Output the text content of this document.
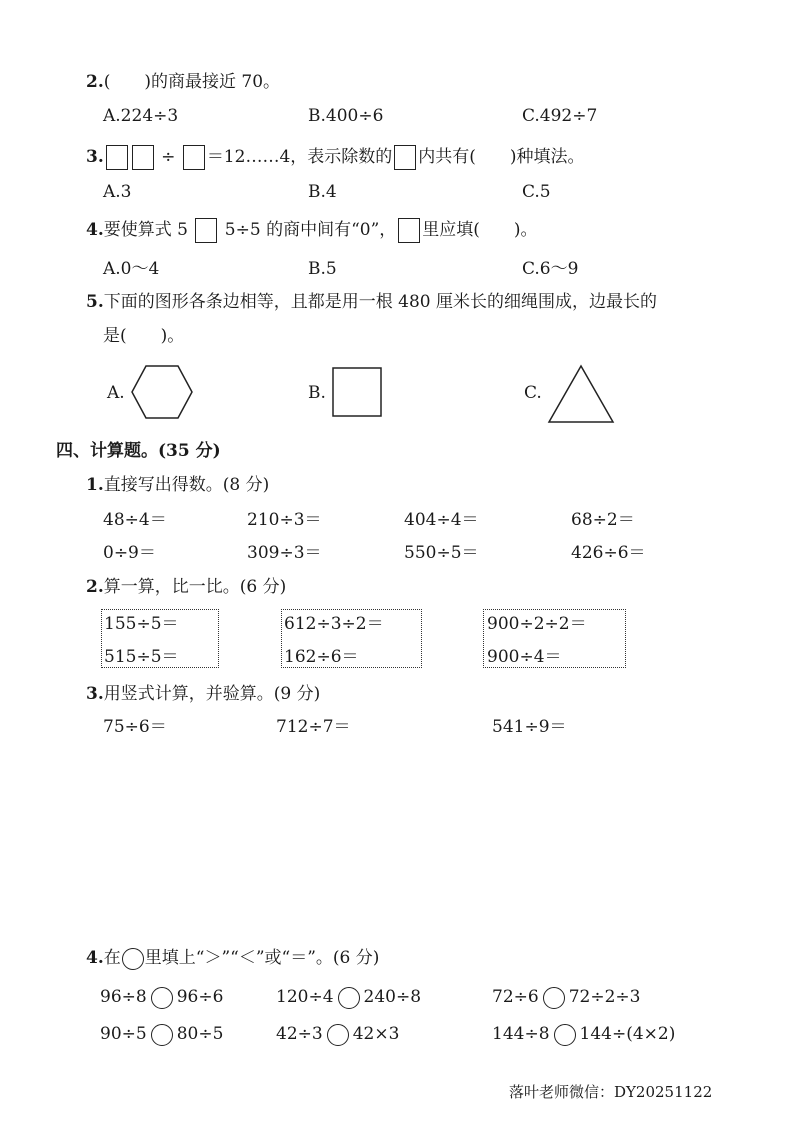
2.(　　)的商最接近 70。
A.224÷3	B.400÷6	C.492÷7
3.	÷ ＝12……4，表示除数的 内共有(　　)种填法。
A.3	B.4	C.5
4.要使算式 5 5÷5 的商中间有“0”， 里应填(　　)。
A.0～4	B.5	C.6～9
5.下面的图形各条边相等，且都是用一根 480 厘米长的细绳围成，边最长的
是(　　)。
A.	B.	C.
四、计算题。(35 分)
1.直接写出得数。(8 分)
48÷4＝	210÷3＝	404÷4＝	68÷2＝
0÷9＝	309÷3＝	550÷5＝	426÷6＝
2.算一算，比一比。(6 分)
155÷5＝
515÷5＝
612÷3÷2＝
162÷6＝
900÷2÷2＝
900÷4＝
3.用竖式计算，并验算。(9 分)
75÷6＝	712÷7＝	541÷9＝
4.在 里填上“＞”“＜”或“＝”。(6 分)
96÷8 96÷6	120÷4 240÷8	72÷6 72÷2÷3
90÷5 80÷5	42÷3 42×3	144÷8 144÷(4×2)
落叶老师微信：DY20251122
